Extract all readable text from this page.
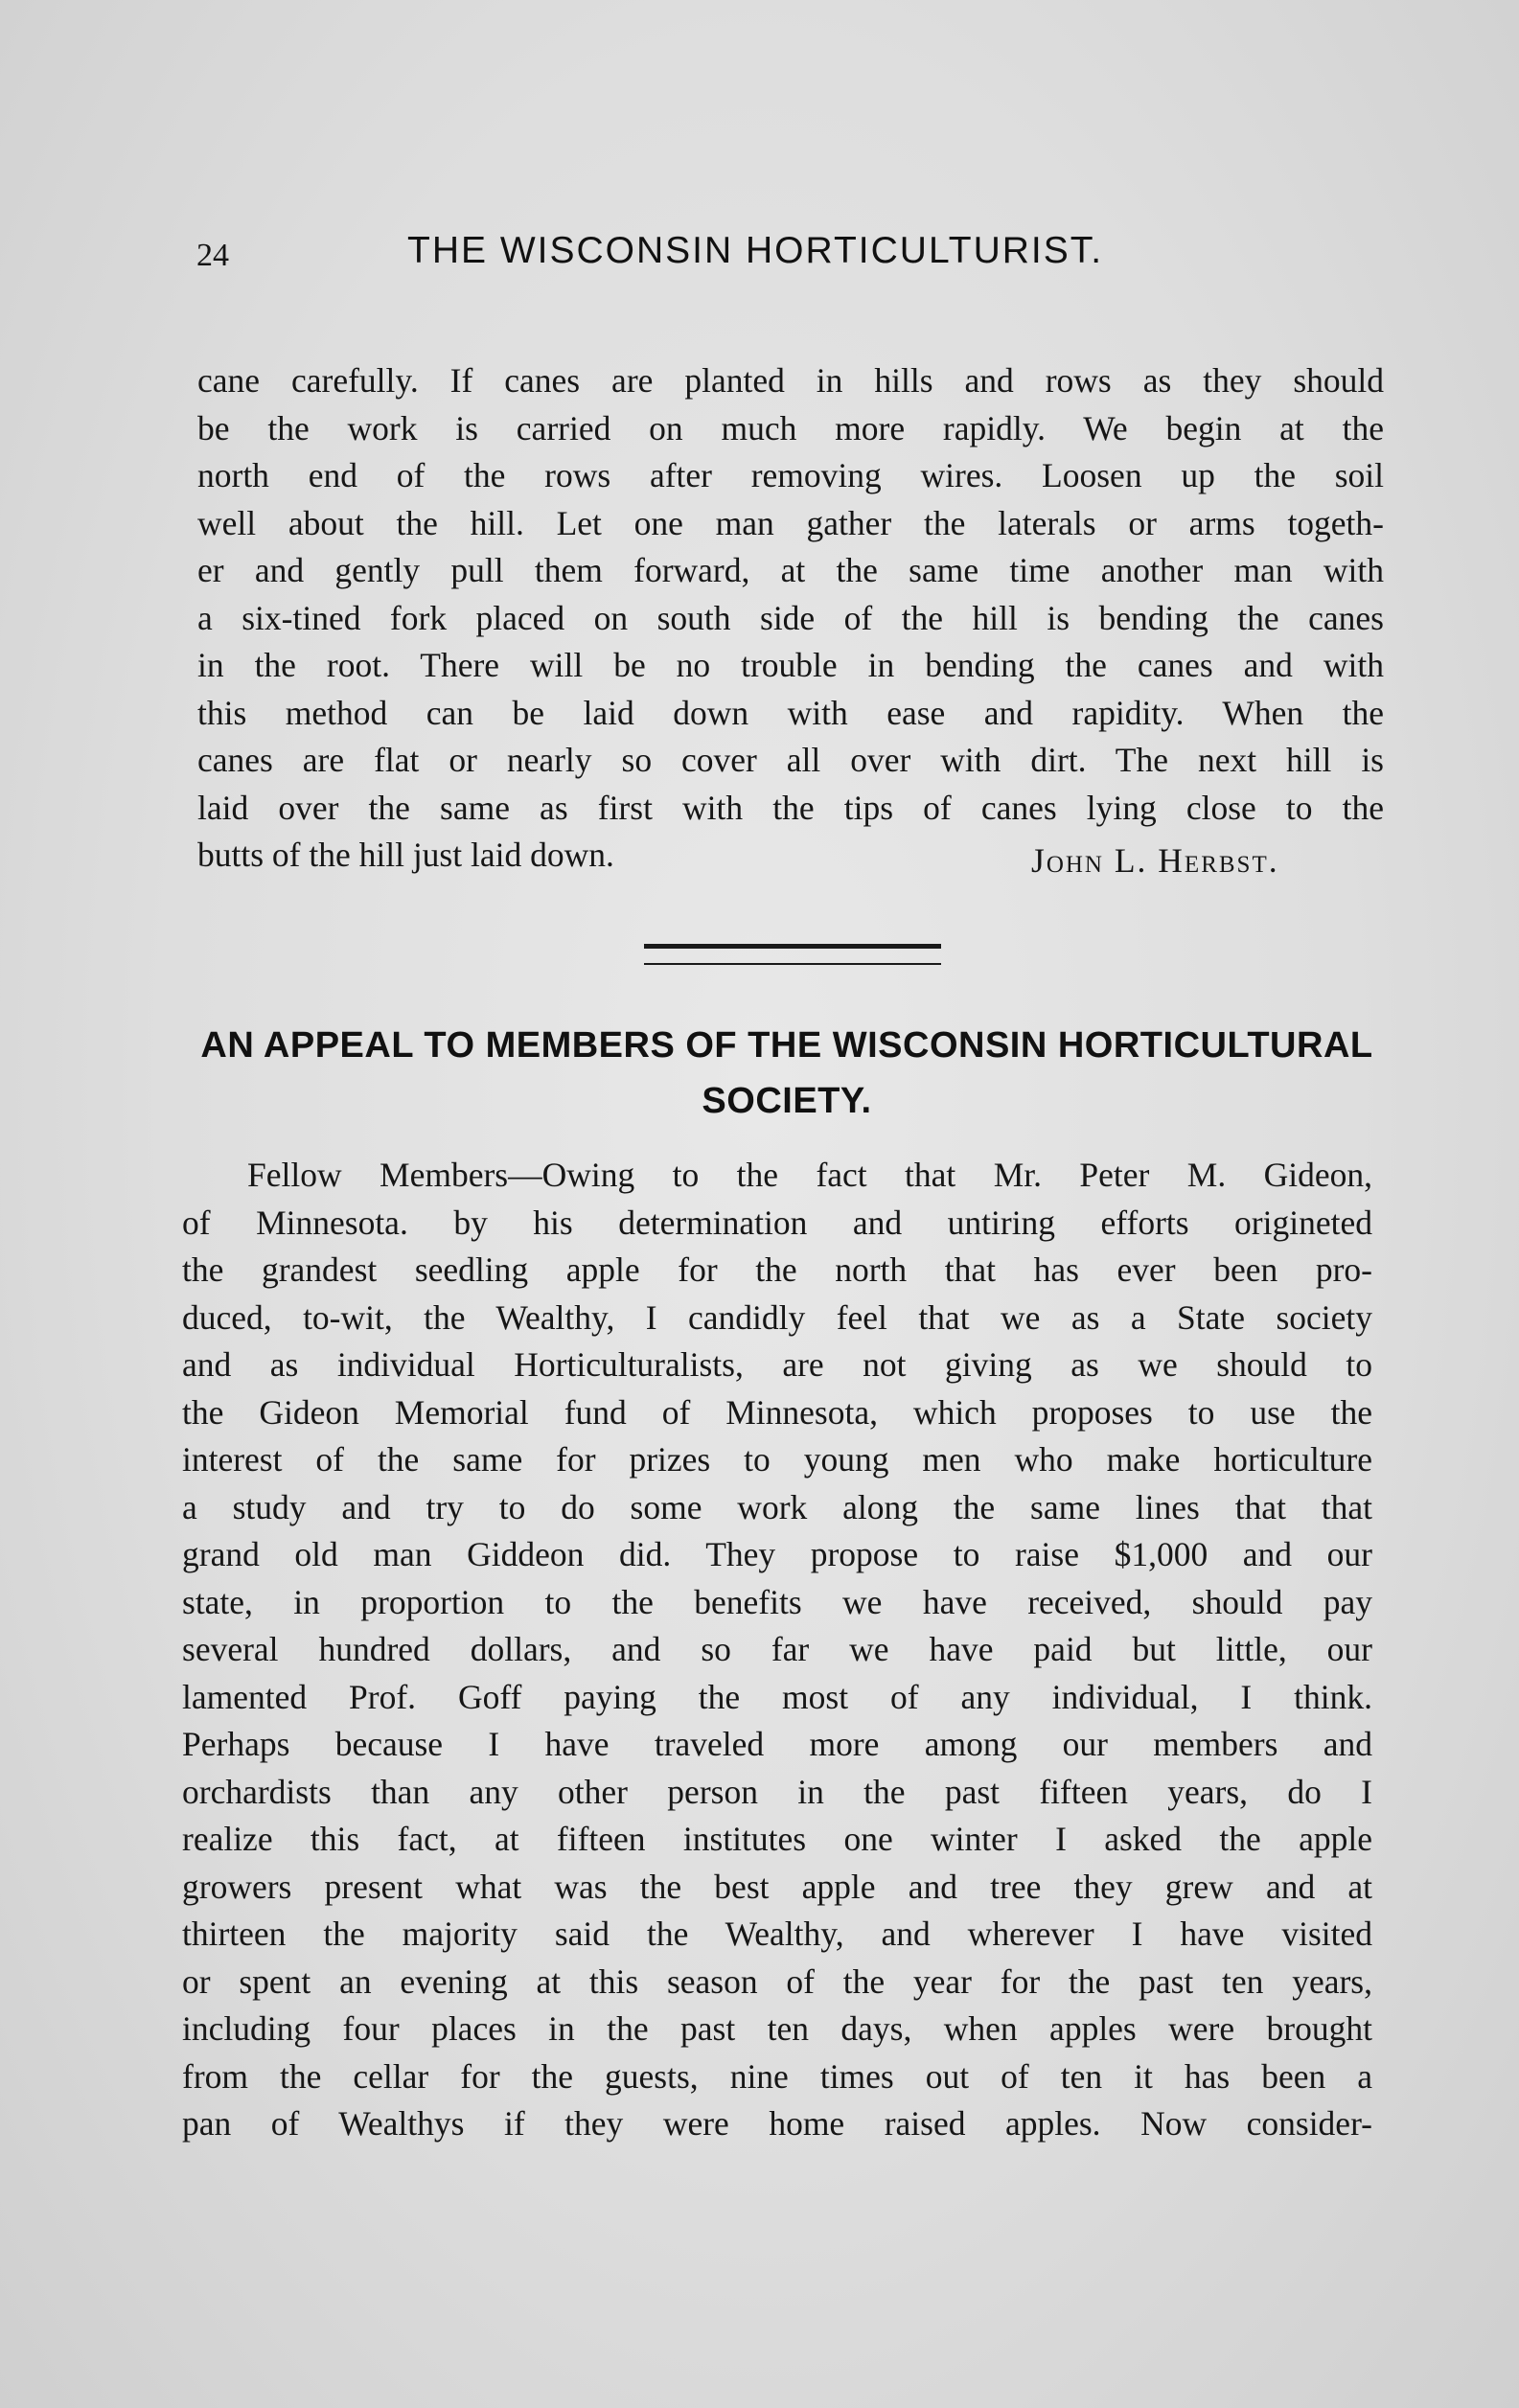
24	THE WISCONSIN HORTICULTURIST.
cane carefully. If canes are planted in hills and rows as they should
be the work is carried on much more rapidly. We begin at the
north end of the rows after removing wires. Loosen up the soil
well about the hill. Let one man gather the laterals or arms togeth-
er and gently pull them forward, at the same time another man with
a six-tined fork placed on south side of the hill is bending the canes
in the root. There will be no trouble in bending the canes and with
this method can be laid down with ease and rapidity. When the
canes are flat or nearly so cover all over with dirt. The next hill is
laid over the same as first with the tips of canes lying close to the
butts of the hill just laid down.	John L. Herbst.
AN APPEAL TO MEMBERS OF THE WISCONSIN HORTICULTURAL
SOCIETY.
Fellow Members—Owing to the fact that Mr. Peter M. Gideon,
of Minnesota. by his determination and untiring efforts origineted
the grandest seedling apple for the north that has ever been pro-
duced, to-wit, the Wealthy, I candidly feel that we as a State society
and as individual Horticulturalists, are not giving as we should to
the Gideon Memorial fund of Minnesota, which proposes to use the
interest of the same for prizes to young men who make horticulture
a study and try to do some work along the same lines that that
grand old man Giddeon did. They propose to raise $1,000 and our
state, in proportion to the benefits we have received, should pay
several hundred dollars, and so far we have paid but little, our
lamented Prof. Goff paying the most of any individual, I think.
Perhaps because I have traveled more among our members and
orchardists than any other person in the past fifteen years, do I
realize this fact, at fifteen institutes one winter I asked the apple
growers present what was the best apple and tree they grew and at
thirteen the majority said the Wealthy, and wherever I have visited
or spent an evening at this season of the year for the past ten years,
including four places in the past ten days, when apples were brought
from the cellar for the guests, nine times out of ten it has been a
pan of Wealthys if they were home raised apples. Now consider-
